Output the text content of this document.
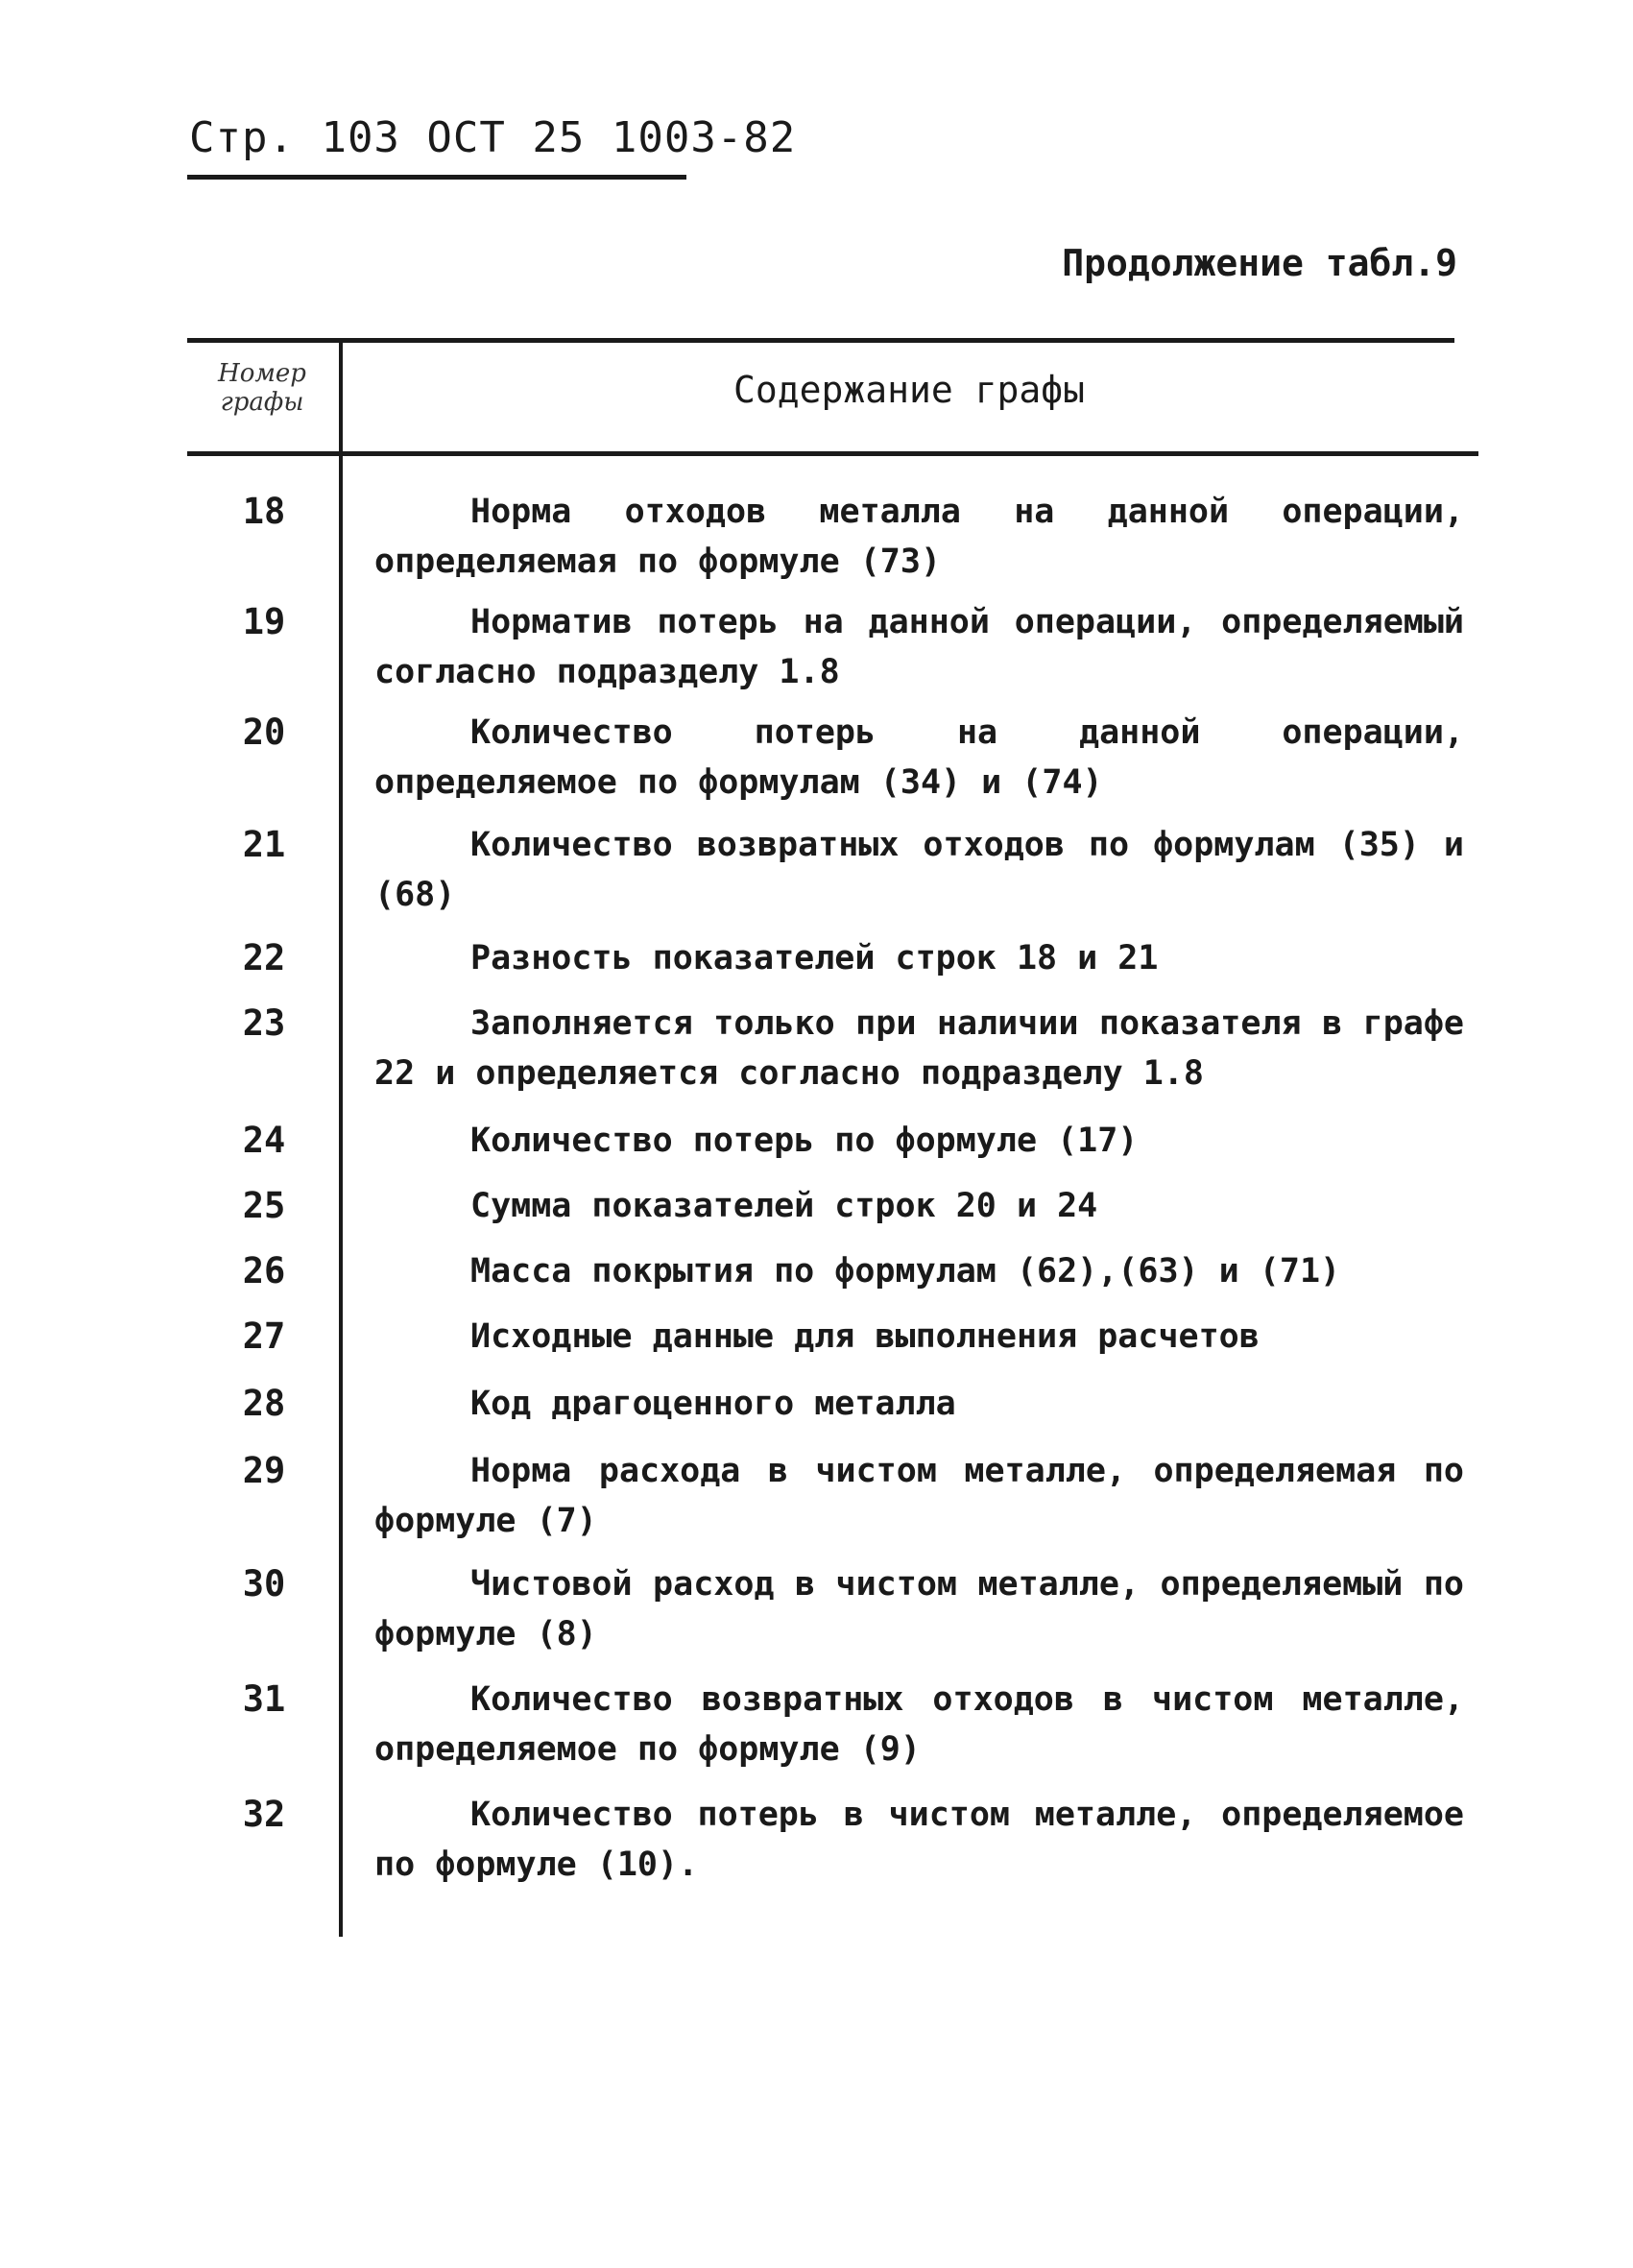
Стр. 103 ОСТ 25 1003-82
Продолжение табл.9
Номер графы	Содержание графы
18	Норма отходов металла на данной операции, определяемая по формуле (73)
19	Норматив потерь на данной операции, определяемый согласно подразделу 1.8
20	Количество потерь на данной операции, определяемое по формулам (34) и (74)
21	Количество возвратных отходов по формулам (35) и (68)
22	Разность показателей строк 18 и 21
23	Заполняется только при наличии показателя в графе 22 и определяется согласно подразделу 1.8
24	Количество потерь по формуле (17)
25	Сумма показателей строк 20 и 24
26	Масса покрытия по формулам (62),(63) и (71)
27	Исходные данные для выполнения расчетов
28	Код драгоценного металла
29	Норма расхода в чистом металле, определяемая по формуле (7)
30	Чистовой расход в чистом металле, определяемый по формуле (8)
31	Количество возвратных отходов в чистом металле, определяемое по формуле (9)
32	Количество потерь в чистом металле, определяемое по формуле (10).
